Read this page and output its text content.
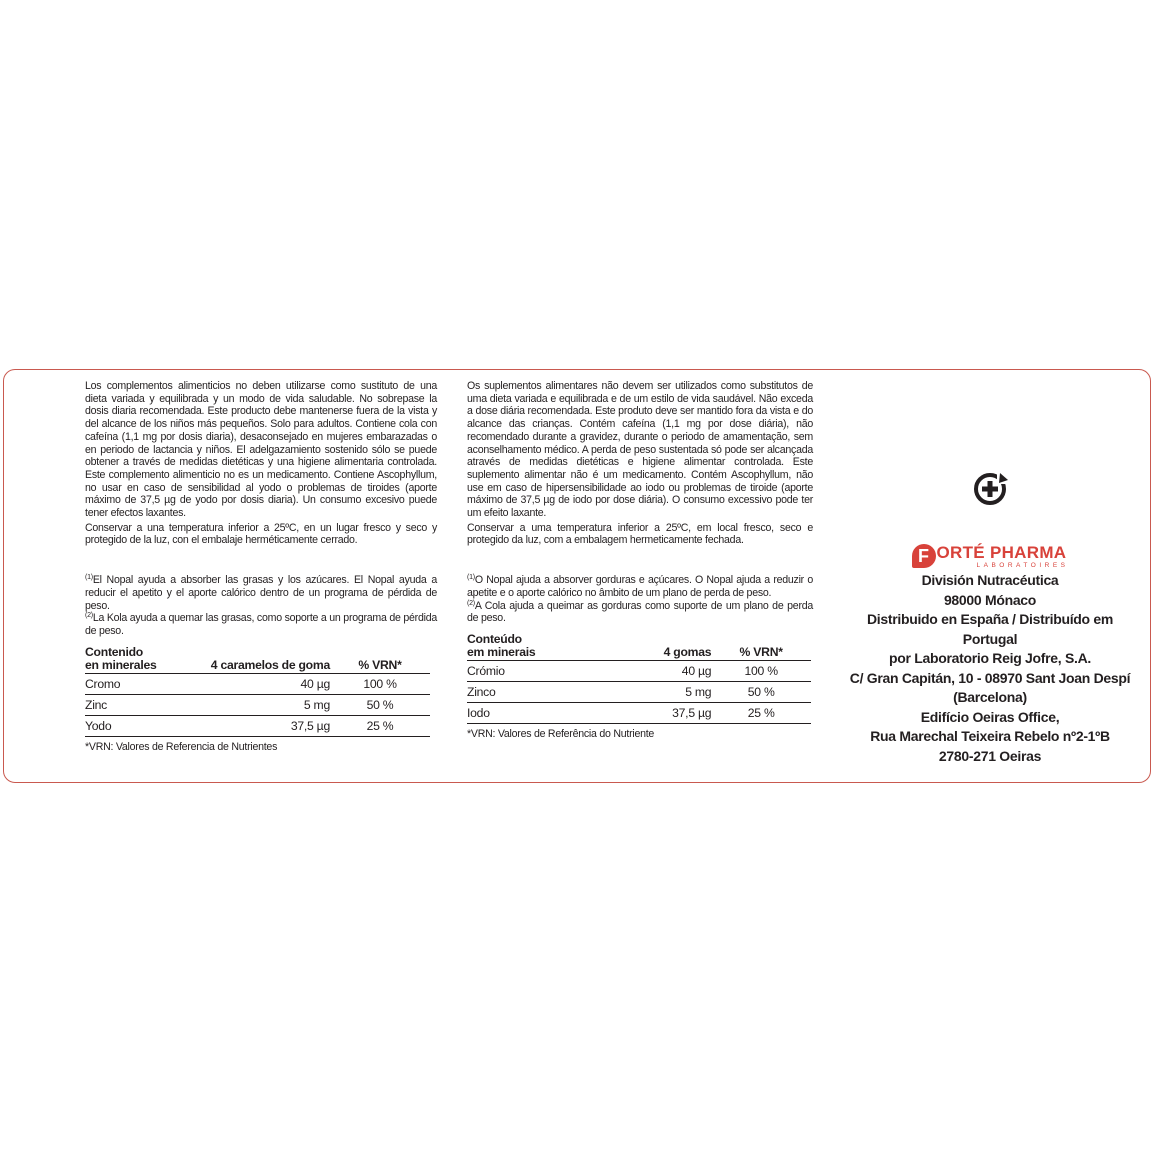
Los complementos alimenticios no deben utilizarse como sustituto de una dieta variada y equilibrada y un modo de vida saludable. No sobrepase la dosis diaria recomendada. Este producto debe mantenerse fuera de la vista y del alcance de los niños más pequeños. Solo para adultos. Contiene cola con cafeína (1,1 mg por dosis diaria), desaconsejado en mujeres embarazadas o en periodo de lactancia y niños. El adelgazamiento sostenido sólo se puede obtener a través de medidas dietéticas y una higiene alimentaria controlada. Este complemento alimenticio no es un medicamento. Contiene Ascophyllum, no usar en caso de sensibilidad al yodo o problemas de tiroides (aporte máximo de 37,5 µg de yodo por dosis diaria). Un consumo excesivo puede tener efectos laxantes.

Conservar a una temperatura inferior a 25ºC, en un lugar fresco y seco y protegido de la luz, con el embalaje herméticamente cerrado.

$^{(1)}$El Nopal ayuda a absorber las grasas y los azúcares. El Nopal ayuda a reducir el apetito y el aporte calórico dentro de un programa de pérdida de peso.

$^{(2)}$La Kola ayuda a quemar las grasas, como soporte a un programa de pérdida de peso.

Contenido
en minerales	4 caramelos de goma	% VRN*
Cromo	40 µg	100 %
Zinc	5 mg	50 %
Yodo	37,5 µg	25 %
*VRN: Valores de Referencia de Nutrientes

Os suplementos alimentares não devem ser utilizados como substitutos de uma dieta variada e equilibrada e de um estilo de vida saudável. Não exceda a dose diária recomendada. Este produto deve ser mantido fora da vista e do alcance das crianças. Contém cafeína (1,1 mg por dose diária), não recomendado durante a gravidez, durante o periodo de amamentação, sem aconselhamento médico. A perda de peso sustentada só pode ser alcançada através de medidas dietéticas e higiene alimentar controlada. Este suplemento alimentar não é um medicamento. Contém Ascophyllum, não use em caso de hipersensibilidade ao iodo ou problemas de tiroide (aporte máximo de 37,5 µg de iodo por dose diária). O consumo excessivo pode ter um efeito laxante.

Conservar a uma temperatura inferior a 25ºC, em local fresco, seco e protegido da luz, com a embalagem hermeticamente fechada.

$^{(1)}$O Nopal ajuda a absorver gorduras e açúcares. O Nopal ajuda a reduzir o apetite e o aporte calórico no âmbito de um plano de perda de peso.

$^{(2)}$A Cola ajuda a queimar as gorduras como suporte de um plano de perda de peso.

Conteúdo
em minerais	4 gomas	% VRN*
Crómio	40 µg	100 %
Zinco	5 mg	50 %
Iodo	37,5 µg	25 %
*VRN: Valores de Referência do Nutriente
F ORTÉ PHARMA
LABORATOIRES
División Nutracéutica
98000 Mónaco
Distribuido en España / Distribuído em Portugal
por Laboratorio Reig Jofre, S.A.
C/ Gran Capitán, 10 - 08970 Sant Joan Despí
(Barcelona)
Edifício Oeiras Office,
Rua Marechal Teixeira Rebelo nº2-1ºB
2780-271 Oeiras
